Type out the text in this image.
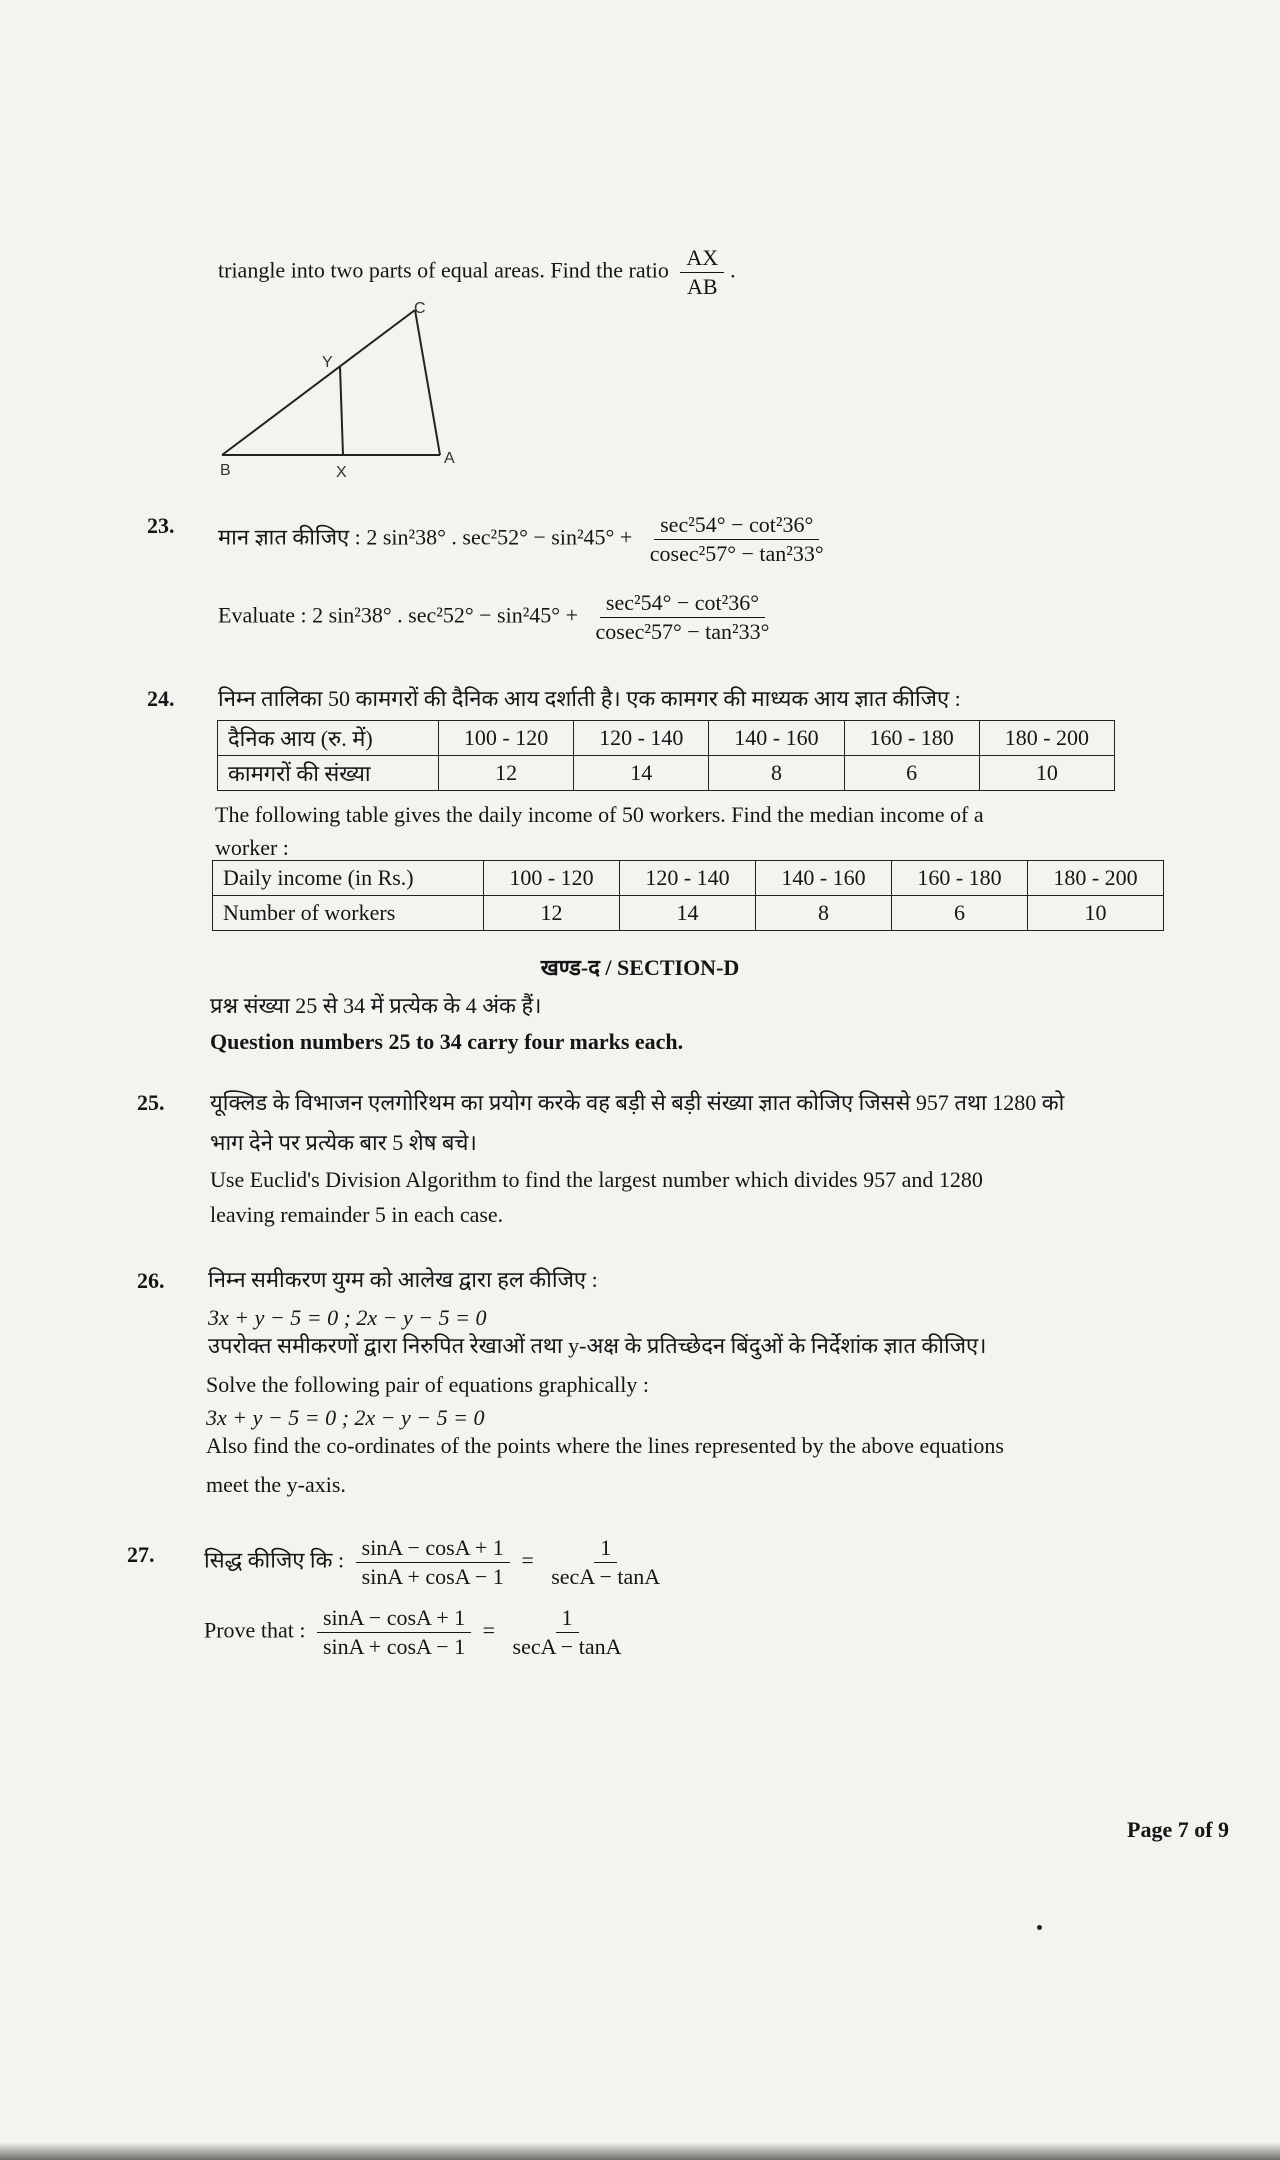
triangle into two parts of equal areas. Find the ratio $\frac{AX}{AB}$ .
B	X
A
Y
C
23. मान ज्ञात कीजिए : 2 sin²38° . $\sec^252^\circ - \sin^245^\circ + \frac{\text{sec²54° − cot²36°}}{\text{cosec²57° − tan²33°}}$
Evaluate : 2 sin²38° . $\sec^252^\circ - \sin^245^\circ + \frac{\text{sec²54° − cot²36°}}{\text{cosec²57° − tan²33°}}$
24. निम्न तालिका 50 कामगरों की दैनिक आय दर्शाती है। एक कामगर की माध्यक आय ज्ञात कीजिए :
दैनिक आय (रु. में)	100 - 120	120 - 140	140 - 160	160 - 180	180 - 200
कामगरों की संख्या	12	14	8	6	10
The following table gives the daily income of 50 workers. Find the median income of a
worker :
Daily income (in Rs.)	100 - 120	120 - 140	140 - 160	160 - 180	180 - 200
Number of workers	12	14	8	6	10
खण्ड-द / SECTION-D
प्रश्न संख्या 25 से 34 में प्रत्येक के 4 अंक हैं।
Question numbers 25 to 34 carry four marks each.
25. यूक्लिड के विभाजन एलगोरिथम का प्रयोग करके वह बड़ी से बड़ी संख्या ज्ञात कोजिए जिससे 957 तथा 1280 को
भाग देने पर प्रत्येक बार 5 शेष बचे।
Use Euclid's Division Algorithm to find the largest number which divides 957 and 1280
leaving remainder 5 in each case.
26. निम्न समीकरण युग्म को आलेख द्वारा हल कीजिए :
3x + y − 5 = 0 ; 2x − y − 5 = 0
उपरोक्त समीकरणों द्वारा निरुपित रेखाओं तथा y-अक्ष के प्रतिच्छेदन बिंदुओं के निर्देशांक ज्ञात कीजिए।
Solve the following pair of equations graphically :
3x + y − 5 = 0 ; 2x − y − 5 = 0
Also find the co-ordinates of the points where the lines represented by the above equations
meet the y-axis.
27. सिद्ध कीजिए कि : $\frac{\sin A - \cos A + 1}{\sin A + \cos A - 1} = \frac{1}{\sec A - \tan A}$
Prove that : $\frac{\sin A - \cos A + 1}{\sin A + \cos A - 1} = \frac{1}{\sec A - \tan A}$
Page 7 of 9
